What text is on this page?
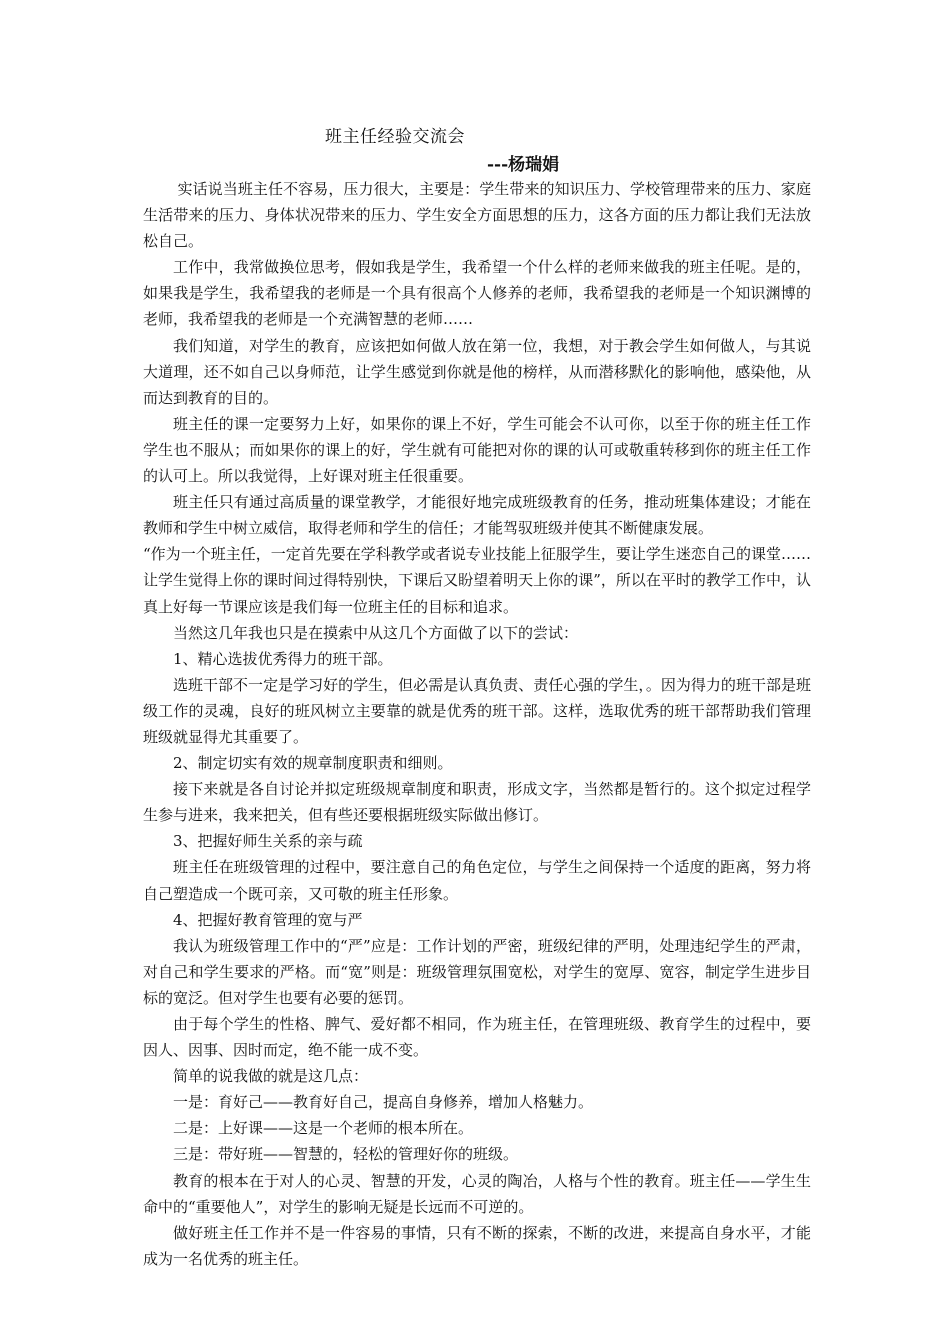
班主任经验交流会
---杨瑞娟

实话说当班主任不容易，压力很大，主要是：学生带来的知识压力、学校管理带来的压力、家庭生活带来的压力、身体状况带来的压力、学生安全方面思想的压力，这各方面的压力都让我们无法放松自己。

工作中，我常做换位思考，假如我是学生，我希望一个什么样的老师来做我的班主任呢。是的，如果我是学生，我希望我的老师是一个具有很高个人修养的老师，我希望我的老师是一个知识渊博的老师，我希望我的老师是一个充满智慧的老师……

我们知道，对学生的教育，应该把如何做人放在第一位，我想，对于教会学生如何做人，与其说大道理，还不如自己以身师范，让学生感觉到你就是他的榜样，从而潜移默化的影响他，感染他，从而达到教育的目的。

班主任的课一定要努力上好，如果你的课上不好，学生可能会不认可你，以至于你的班主任工作学生也不服从；而如果你的课上的好，学生就有可能把对你的课的认可或敬重转移到你的班主任工作的认可上。所以我觉得，上好课对班主任很重要。

班主任只有通过高质量的课堂教学，才能很好地完成班级教育的任务，推动班集体建设；才能在教师和学生中树立威信，取得老师和学生的信任；才能驾驭班级并使其不断健康发展。

“作为一个班主任，一定首先要在学科教学或者说专业技能上征服学生，要让学生迷恋自己的课堂……让学生觉得上你的课时间过得特别快，下课后又盼望着明天上你的课”，所以在平时的教学工作中，认真上好每一节课应该是我们每一位班主任的目标和追求。

当然这几年我也只是在摸索中从这几个方面做了以下的尝试：

1、精心选拔优秀得力的班干部。

选班干部不一定是学习好的学生，但必需是认真负责、责任心强的学生，。因为得力的班干部是班级工作的灵魂，良好的班风树立主要靠的就是优秀的班干部。这样，选取优秀的班干部帮助我们管理班级就显得尤其重要了。

2、制定切实有效的规章制度职责和细则。

接下来就是各自讨论并拟定班级规章制度和职责，形成文字，当然都是暂行的。这个拟定过程学生参与进来，我来把关，但有些还要根据班级实际做出修订。

3、把握好师生关系的亲与疏

班主任在班级管理的过程中，要注意自己的角色定位，与学生之间保持一个适度的距离，努力将自己塑造成一个既可亲，又可敬的班主任形象。

4、把握好教育管理的宽与严

我认为班级管理工作中的“严”应是：工作计划的严密，班级纪律的严明，处理违纪学生的严肃，对自己和学生要求的严格。而“宽”则是：班级管理氛围宽松，对学生的宽厚、宽容，制定学生进步目标的宽泛。但对学生也要有必要的惩罚。

由于每个学生的性格、脾气、爱好都不相同，作为班主任，在管理班级、教育学生的过程中，要因人、因事、因时而定，绝不能一成不变。

简单的说我做的就是这几点：

一是：育好己——教育好自己，提高自身修养，增加人格魅力。

二是：上好课——这是一个老师的根本所在。

三是：带好班——智慧的，轻松的管理好你的班级。

教育的根本在于对人的心灵、智慧的开发，心灵的陶冶，人格与个性的教育。班主任——学生生命中的“重要他人”，对学生的影响无疑是长远而不可逆的。

做好班主任工作并不是一件容易的事情，只有不断的探索，不断的改进，来提高自身水平，才能成为一名优秀的班主任。
